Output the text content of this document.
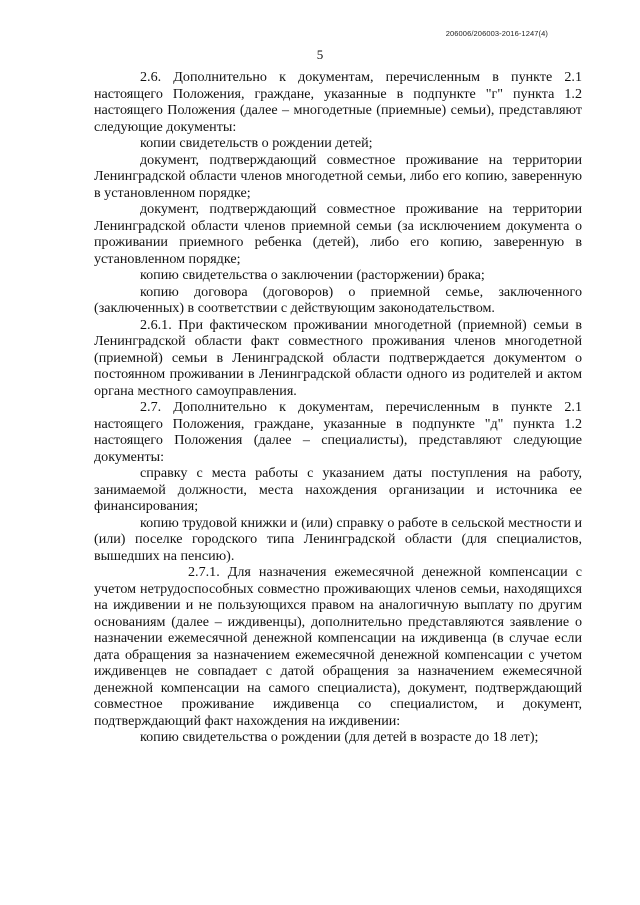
206006/206003-2016-1247(4)
5

2.6. Дополнительно к документам, перечисленным в пункте 2.1 настоящего Положения, граждане, указанные в подпункте "г" пункта 1.2 настоящего Положения (далее – многодетные (приемные) семьи), представляют следующие документы:

копии свидетельств о рождении детей;

документ, подтверждающий совместное проживание на территории Ленинградской области членов многодетной семьи, либо его копию, заверенную в установленном порядке;

документ, подтверждающий совместное проживание на территории Ленинградской области членов приемной семьи (за исключением документа о проживании приемного ребенка (детей), либо его копию, заверенную в установленном порядке;

копию свидетельства о заключении (расторжении) брака;

копию договора (договоров) о приемной семье, заключенного (заключенных) в соответствии с действующим законодательством.

2.6.1. При фактическом проживании многодетной (приемной) семьи в Ленинградской области факт совместного проживания членов многодетной (приемной) семьи в Ленинградской области подтверждается документом о постоянном проживании в Ленинградской области одного из родителей и актом органа местного самоуправления.

2.7. Дополнительно к документам, перечисленным в пункте 2.1 настоящего Положения, граждане, указанные в подпункте "д" пункта 1.2 настоящего Положения (далее – специалисты), представляют следующие документы:

справку с места работы с указанием даты поступления на работу, занимаемой должности, места нахождения организации и источника ее финансирования;

копию трудовой книжки и (или) справку о работе в сельской местности и (или) поселке городского типа Ленинградской области (для специалистов, вышедших на пенсию).

2.7.1. Для назначения ежемесячной денежной компенсации с учетом нетрудоспособных совместно проживающих членов семьи, находящихся на иждивении и не пользующихся правом на аналогичную выплату по другим основаниям (далее – иждивенцы), дополнительно представляются заявление о назначении ежемесячной денежной компенсации на иждивенца (в случае если дата обращения за назначением ежемесячной денежной компенсации с учетом иждивенцев не совпадает с датой обращения за назначением ежемесячной денежной компенсации на самого специалиста), документ, подтверждающий совместное проживание иждивенца со специалистом, и документ, подтверждающий факт нахождения на иждивении:

копию свидетельства о рождении (для детей в возрасте до 18 лет);
